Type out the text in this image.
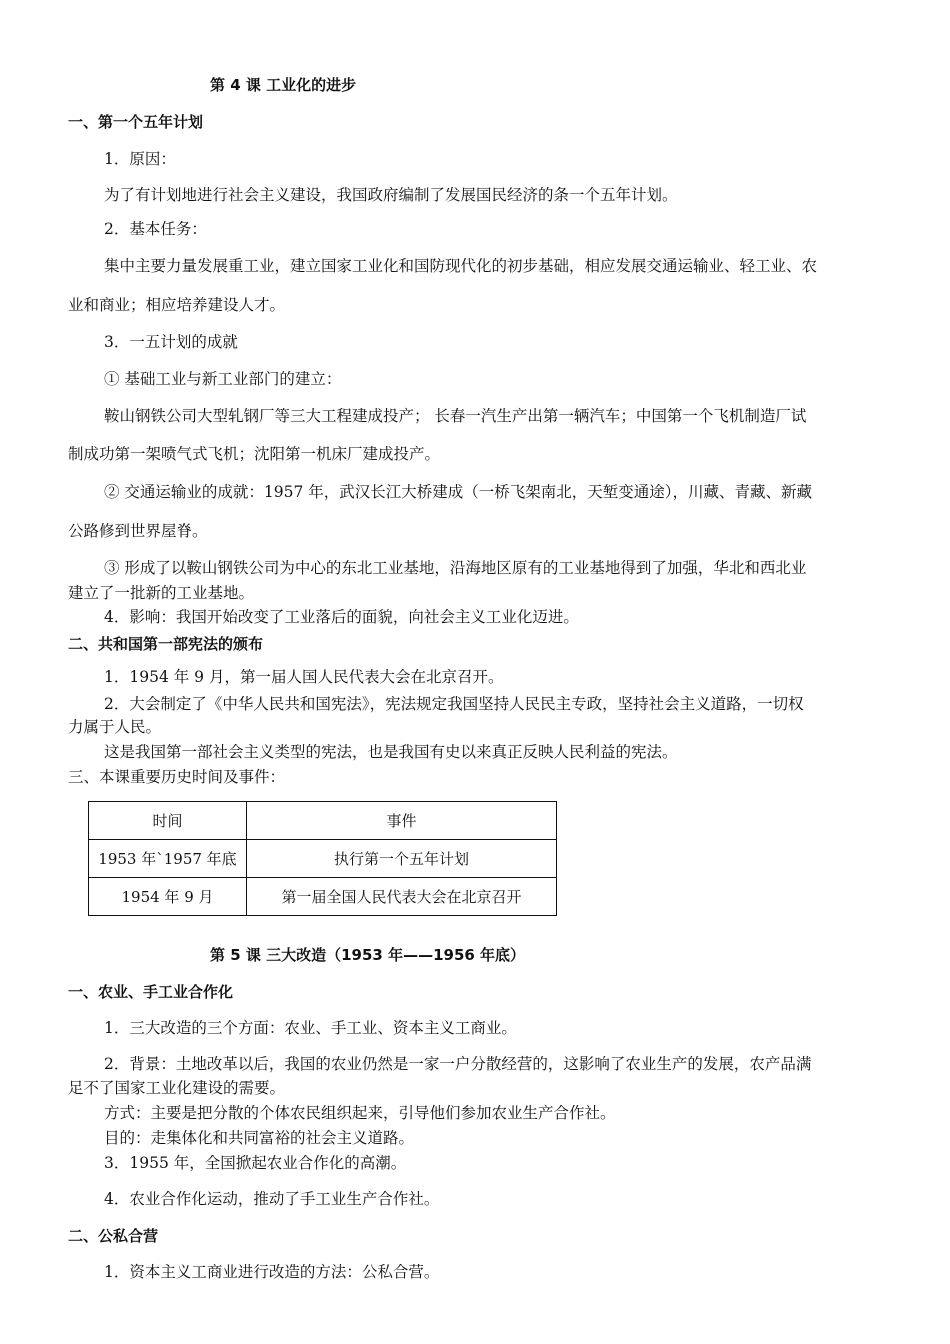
第 4 课 工业化的进步
一、第一个五年计划
1．原因：
为了有计划地进行社会主义建设，我国政府编制了发展国民经济的条一个五年计划。
2．基本任务：
集中主要力量发展重工业，建立国家工业化和国防现代化的初步基础，相应发展交通运输业、轻工业、农
业和商业；相应培养建设人才。
3．一五计划的成就
① 基础工业与新工业部门的建立：
鞍山钢铁公司大型轧钢厂等三大工程建成投产； 长春一汽生产出第一辆汽车；中国第一个飞机制造厂试
制成功第一架喷气式飞机；沈阳第一机床厂建成投产。
② 交通运输业的成就：1957 年，武汉长江大桥建成（一桥飞架南北，天堑变通途），川藏、青藏、新藏
公路修到世界屋脊。
③ 形成了以鞍山钢铁公司为中心的东北工业基地，沿海地区原有的工业基地得到了加强，华北和西北业
建立了一批新的工业基地。
4．影响：我国开始改变了工业落后的面貌，向社会主义工业化迈进。
二、共和国第一部宪法的颁布
1．1954 年 9 月，第一届人国人民代表大会在北京召开。
2．大会制定了《中华人民共和国宪法》，宪法规定我国坚持人民民主专政，坚持社会主义道路，一切权
力属于人民。
这是我国第一部社会主义类型的宪法，也是我国有史以来真正反映人民利益的宪法。
三、本课重要历史时间及事件：
时间	事件
1953 年`1957 年底	执行第一个五年计划
1954 年 9 月	第一届全国人民代表大会在北京召开
第 5 课 三大改造（1953 年——1956 年底）
一、农业、手工业合作化
1．三大改造的三个方面：农业、手工业、资本主义工商业。
2．背景：土地改革以后，我国的农业仍然是一家一户分散经营的，这影响了农业生产的发展，农产品满
足不了国家工业化建设的需要。
方式：主要是把分散的个体农民组织起来，引导他们参加农业生产合作社。
目的：走集体化和共同富裕的社会主义道路。
3．1955 年，全国掀起农业合作化的高潮。
4．农业合作化运动，推动了手工业生产合作社。
二、公私合营
1．资本主义工商业进行改造的方法：公私合营。
